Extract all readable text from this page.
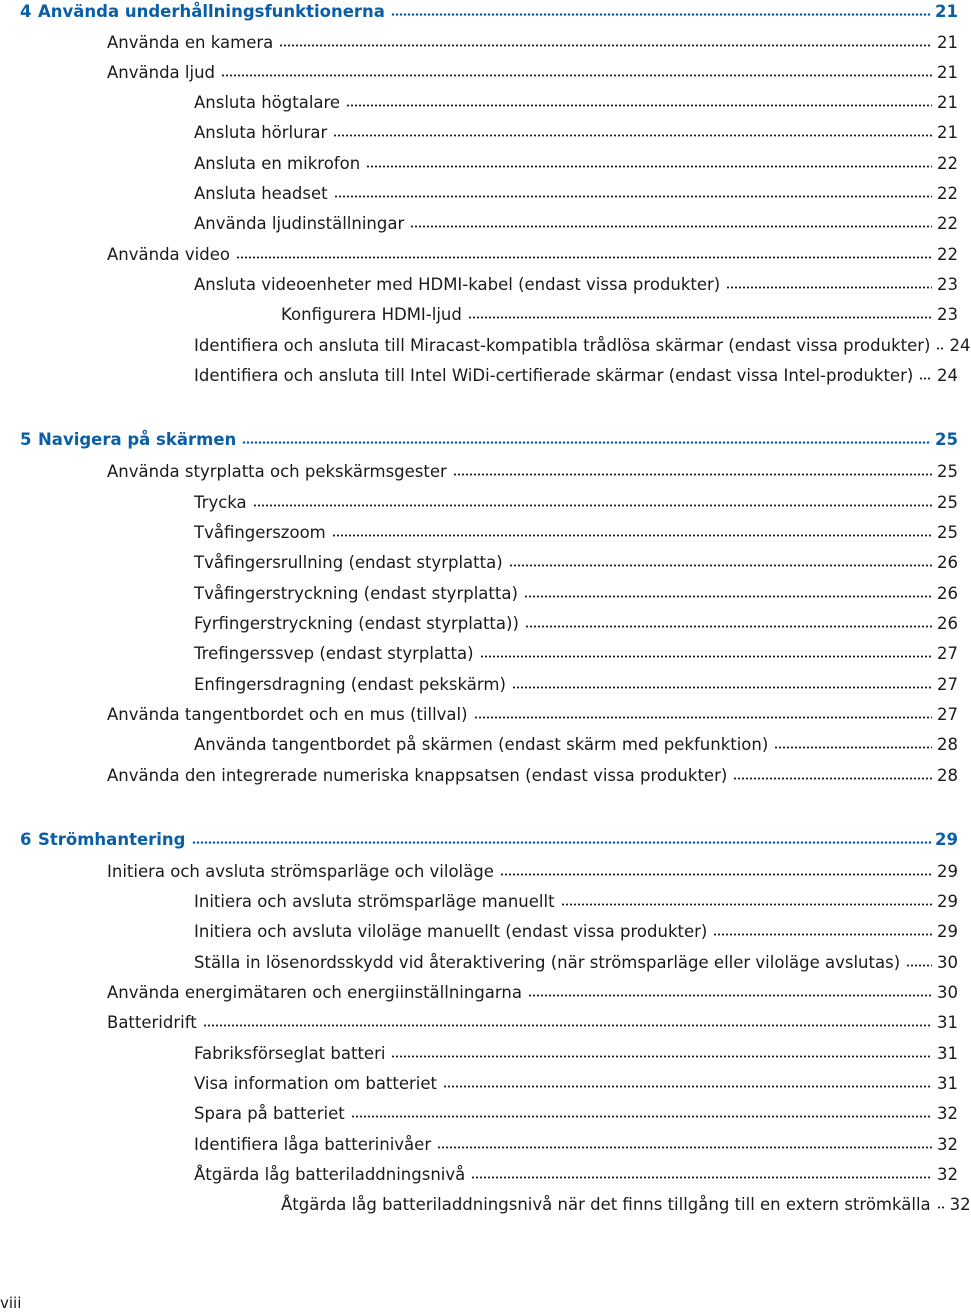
4 Använda underhållningsfunktionerna	21
Använda en kamera	21
Använda ljud	21
Ansluta högtalare	21
Ansluta hörlurar	21
Ansluta en mikrofon	22
Ansluta headset	22
Använda ljudinställningar	22
Använda video	22
Ansluta videoenheter med HDMI-kabel (endast vissa produkter)	23
Konfigurera HDMI-ljud	23
Identifiera och ansluta till Miracast-kompatibla trådlösa skärmar (endast vissa produkter) 24
Identifiera och ansluta till Intel WiDi-certifierade skärmar (endast vissa Intel-produkter) 24
5 Navigera på skärmen	25
Använda styrplatta och pekskärmsgester	25
Trycka	25
Tvåfingerszoom	25
Tvåfingersrullning (endast styrplatta)	26
Tvåfingerstryckning (endast styrplatta)	26
Fyrfingerstryckning (endast styrplatta))	26
Trefingerssvep (endast styrplatta)	27
Enfingersdragning (endast pekskärm)	27
Använda tangentbordet och en mus (tillval)	27
Använda tangentbordet på skärmen (endast skärm med pekfunktion)	28
Använda den integrerade numeriska knappsatsen (endast vissa produkter)	28
6 Strömhantering	29
Initiera och avsluta strömsparläge och viloläge	29
Initiera och avsluta strömsparläge manuellt	29
Initiera och avsluta viloläge manuellt (endast vissa produkter)	29
Ställa in lösenordsskydd vid återaktivering (när strömsparläge eller viloläge avslutas) 30
Använda energimätaren och energiinställningarna	30
Batteridrift	31
Fabriksförseglat batteri	31
Visa information om batteriet	31
Spara på batteriet	32
Identifiera låga batterinivåer	32
Åtgärda låg batteriladdningsnivå	32
Åtgärda låg batteriladdningsnivå när det finns tillgång till en extern strömkälla 32
viii
